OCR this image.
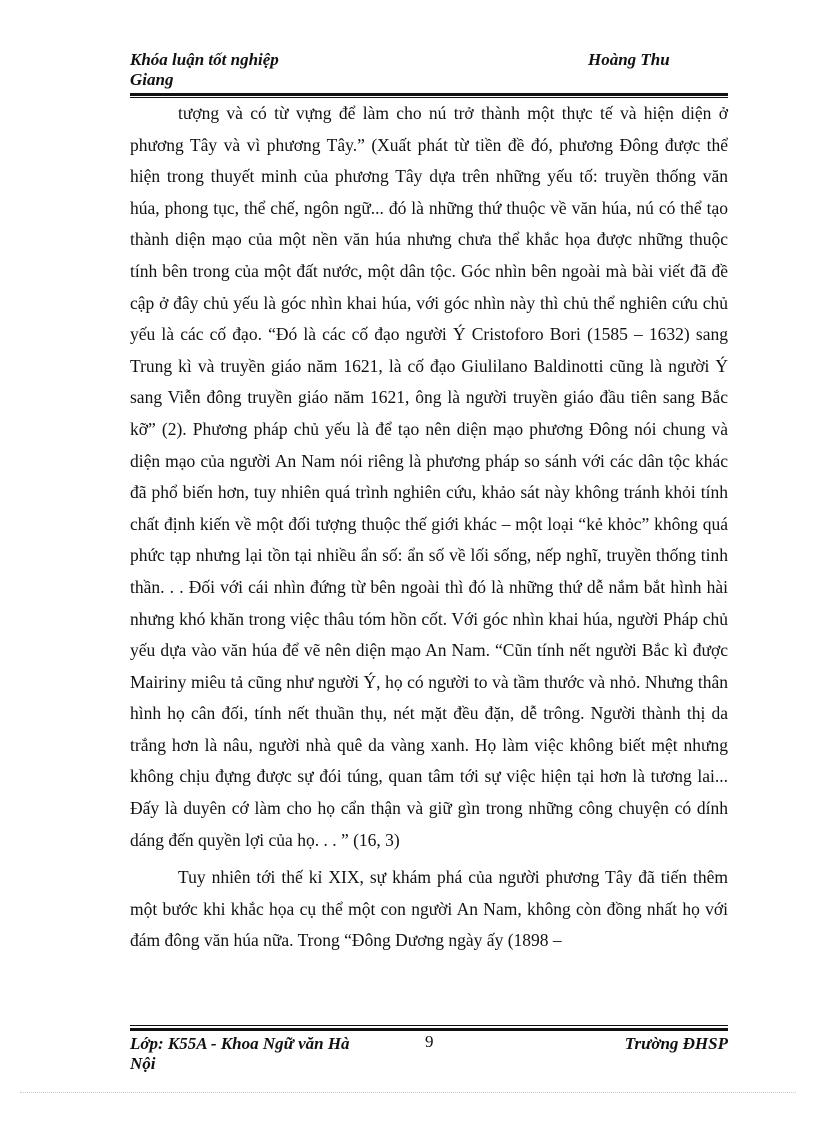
Khóa luận tốt nghiệp Giang
Hoàng Thu

tượng và có từ vựng để làm cho nú trở thành một thực tế và hiện diện ở phương Tây và vì phương Tây.” (Xuất phát từ tiền đề đó, phương Đông được thể hiện trong thuyết minh của phương Tây dựa trên những yếu tố: truyền thống văn húa, phong tục, thể chế, ngôn ngữ... đó là những thứ thuộc về văn húa, nú có thể tạo thành diện mạo của một nền văn húa nhưng chưa thể khắc họa được những thuộc tính bên trong của một đất nước, một dân tộc. Góc nhìn bên ngoài mà bài viết đã đề cập ở đây chủ yếu là góc nhìn khai húa, với góc nhìn này thì chủ thể nghiên cứu chủ yếu là các cố đạo. “Đó là các cố đạo người Ý Cristoforo Bori (1585 – 1632) sang Trung kì và truyền giáo năm 1621, là cố đạo Giulilano Baldinotti cũng là người Ý sang Viễn đông truyền giáo năm 1621, ông là người truyền giáo đầu tiên sang Bắc kỡ” (2). Phương pháp chủ yếu là để tạo nên diện mạo phương Đông nói chung và diện mạo của người An Nam nói riêng là phương pháp so sánh với các dân tộc khác đã phổ biến hơn, tuy nhiên quá trình nghiên cứu, khảo sát này không tránh khỏi tính chất định kiến về một đối tượng thuộc thế giới khác – một loại “kẻ khỏc” không quá phức tạp nhưng lại tồn tại nhiều ẩn số: ẩn số về lối sống, nếp nghĩ, truyền thống tinh thần. . . Đối với cái nhìn đứng từ bên ngoài thì đó là những thứ dễ nắm bắt hình hài nhưng khó khăn trong việc thâu tóm hồn cốt. Với góc nhìn khai húa, người Pháp chủ yếu dựa vào văn húa để vẽ nên diện mạo An Nam. “Cũn tính nết người Bắc kì được Mairiny miêu tả cũng như người Ý, họ có người to và tầm thước và nhỏ. Nhưng thân hình họ cân đối, tính nết thuần thụ, nét mặt đều đặn, dễ trông. Người thành thị da trắng hơn là nâu, người nhà quê da vàng xanh. Họ làm việc không biết mệt nhưng không chịu đựng được sự đói túng, quan tâm tới sự việc hiện tại hơn là tương lai... Đấy là duyên cớ làm cho họ cẩn thận và giữ gìn trong những công chuyện có dính dáng đến quyền lợi của họ. . . ” (16, 3)

Tuy nhiên tới thế kỉ XIX, sự khám phá của người phương Tây đã tiến thêm một bước khi khắc họa cụ thể một con người An Nam, không còn đồng nhất họ với đám đông văn húa nữa. Trong “Đông Dương ngày ấy (1898 –

Lớp: K55A - Khoa Ngữ văn Hà Nội
9	Trường ĐHSP
